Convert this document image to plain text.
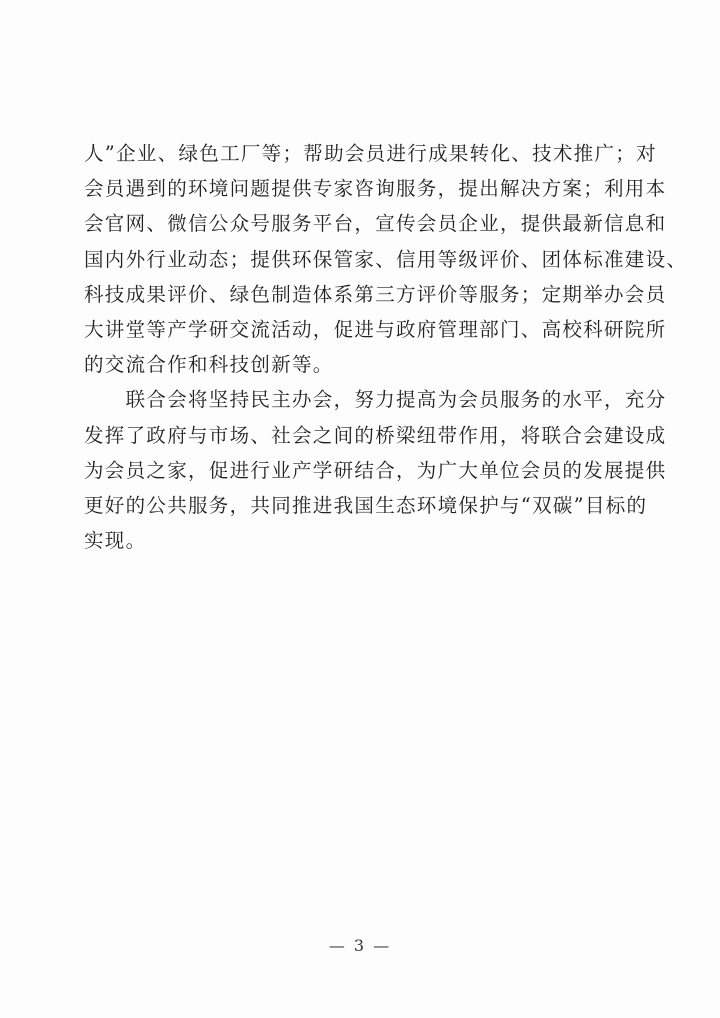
人”企业、绿色工厂等；帮助会员进行成果转化、技术推广；对
会员遇到的环境问题提供专家咨询服务，提出解决方案；利用本
会官网、微信公众号服务平台，宣传会员企业，提供最新信息和
国内外行业动态；提供环保管家、信用等级评价、团体标准建设、
科技成果评价、绿色制造体系第三方评价等服务；定期举办会员
大讲堂等产学研交流活动，促进与政府管理部门、高校科研院所
的交流合作和科技创新等。
　　联合会将坚持民主办会，努力提高为会员服务的水平，充分
发挥了政府与市场、社会之间的桥梁纽带作用，将联合会建设成
为会员之家，促进行业产学研结合，为广大单位会员的发展提供
更好的公共服务，共同推进我国生态环境保护与“双碳”目标的
实现。
— 3 —
